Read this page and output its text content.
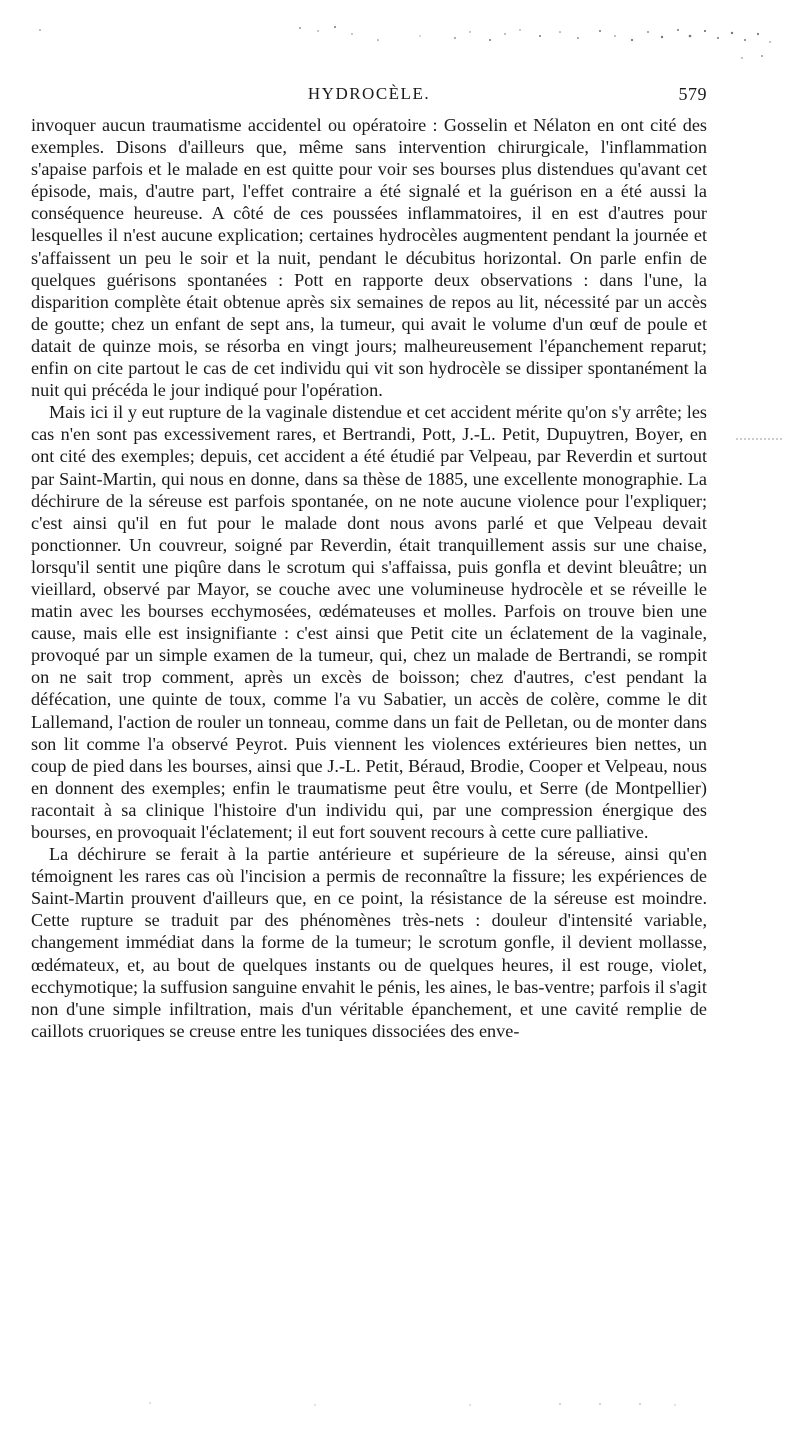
HYDROCÈLE.	579

invoquer aucun traumatisme accidentel ou opératoire : Gosselin et Nélaton en ont cité des exemples. Disons d'ailleurs que, même sans intervention chirurgicale, l'inflammation s'apaise parfois et le malade en est quitte pour voir ses bourses plus distendues qu'avant cet épisode, mais, d'autre part, l'effet contraire a été signalé et la guérison en a été aussi la conséquence heureuse. A côté de ces poussées inflammatoires, il en est d'autres pour lesquelles il n'est aucune explication; certaines hydrocèles augmentent pendant la journée et s'affaissent un peu le soir et la nuit, pendant le décubitus horizontal. On parle enfin de quelques guérisons spontanées : Pott en rapporte deux observations : dans l'une, la disparition complète était obtenue après six semaines de repos au lit, nécessité par un accès de goutte; chez un enfant de sept ans, la tumeur, qui avait le volume d'un œuf de poule et datait de quinze mois, se résorba en vingt jours; malheureusement l'épanchement reparut; enfin on cite partout le cas de cet individu qui vit son hydrocèle se dissiper spontanément la nuit qui précéda le jour indiqué pour l'opération.

Mais ici il y eut rupture de la vaginale distendue et cet accident mérite qu'on s'y arrête; les cas n'en sont pas excessivement rares, et Bertrandi, Pott, J.-L. Petit, Dupuytren, Boyer, en ont cité des exemples; depuis, cet accident a été étudié par Velpeau, par Reverdin et surtout par Saint-Martin, qui nous en donne, dans sa thèse de 1885, une excellente monographie. La déchirure de la séreuse est parfois spontanée, on ne note aucune violence pour l'expliquer; c'est ainsi qu'il en fut pour le malade dont nous avons parlé et que Velpeau devait ponctionner. Un couvreur, soigné par Reverdin, était tranquillement assis sur une chaise, lorsqu'il sentit une piqûre dans le scrotum qui s'affaissa, puis gonfla et devint bleuâtre; un vieillard, observé par Mayor, se couche avec une volumineuse hydrocèle et se réveille le matin avec les bourses ecchymosées, œdémateuses et molles. Parfois on trouve bien une cause, mais elle est insignifiante : c'est ainsi que Petit cite un éclatement de la vaginale, provoqué par un simple examen de la tumeur, qui, chez un malade de Bertrandi, se rompit on ne sait trop comment, après un excès de boisson; chez d'autres, c'est pendant la défécation, une quinte de toux, comme l'a vu Sabatier, un accès de colère, comme le dit Lallemand, l'action de rouler un tonneau, comme dans un fait de Pelletan, ou de monter dans son lit comme l'a observé Peyrot. Puis viennent les violences extérieures bien nettes, un coup de pied dans les bourses, ainsi que J.-L. Petit, Béraud, Brodie, Cooper et Velpeau, nous en donnent des exemples; enfin le traumatisme peut être voulu, et Serre (de Montpellier) racontait à sa clinique l'histoire d'un individu qui, par une compression énergique des bourses, en provoquait l'éclatement; il eut fort souvent recours à cette cure palliative.

La déchirure se ferait à la partie antérieure et supérieure de la séreuse, ainsi qu'en témoignent les rares cas où l'incision a permis de reconnaître la fissure; les expériences de Saint-Martin prouvent d'ailleurs que, en ce point, la résistance de la séreuse est moindre. Cette rupture se traduit par des phénomènes très-nets : douleur d'intensité variable, changement immédiat dans la forme de la tumeur; le scrotum gonfle, il devient mollasse, œdémateux, et, au bout de quelques instants ou de quelques heures, il est rouge, violet, ecchymotique; la suffusion sanguine envahit le pénis, les aines, le bas-ventre; parfois il s'agit non d'une simple infiltration, mais d'un véritable épanchement, et une cavité remplie de caillots cruoriques se creuse entre les tuniques dissociées des enve-
